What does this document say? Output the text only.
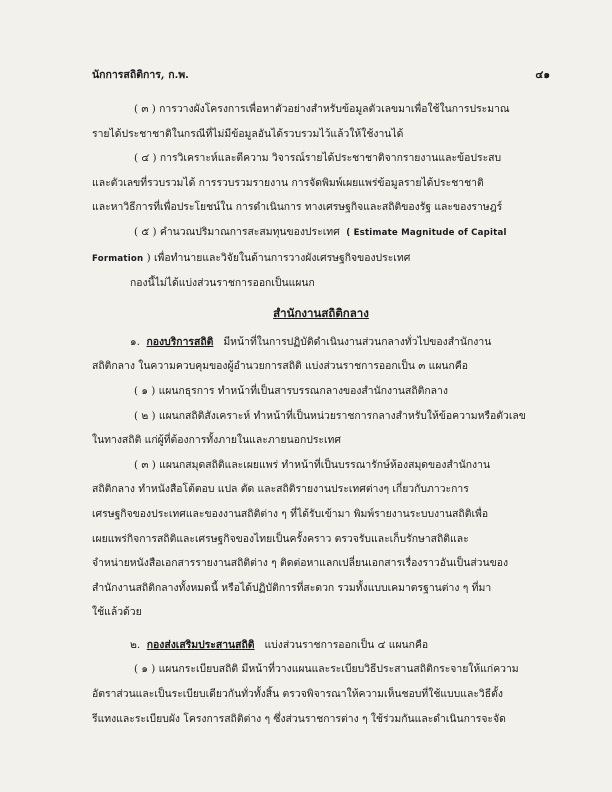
นักการสถิติการ, ก.พ.	๔๑

( ๓ ) การวางผังโครงการเพื่อหาตัวอย่างสำหรับข้อมูลตัวเลขมาเพื่อใช้ในการประมาณ

รายได้ประชาชาติในกรณีที่ไม่มีข้อมูลอันได้รวบรวมไว้แล้วให้ใช้งานได้

( ๔ ) การวิเคราะห์และตีความ วิจารณ์รายได้ประชาชาติจากรายงานและข้อประสบ

และตัวเลขที่รวบรวมได้ การรวบรวมรายงาน การจัดพิมพ์เผยแพร่ข้อมูลรายได้ประชาชาติ

และหาวิธีการที่เพื่อประโยชน์ใน การดำเนินการ ทางเศรษฐกิจและสถิติของรัฐ และของราษฎร์

( ๕ ) คำนวณปริมาณการสะสมทุนของประเทศ ( Estimate Magnitude of Capital

Formation ) เพื่อทำนายและวิจัยในด้านการวางผังเศรษฐกิจของประเทศ

กองนี้ไม่ได้แบ่งส่วนราชการออกเป็นแผนก

สำนักงานสถิติกลาง

๑. กองบริการสถิติ มีหน้าที่ในการปฏิบัติดำเนินงานส่วนกลางทั่วไปของสำนักงาน

สถิติกลาง ในความควบคุมของผู้อำนวยการสถิติ แบ่งส่วนราชการออกเป็น ๓ แผนกคือ

( ๑ ) แผนกธุรการ ทำหน้าที่เป็นสารบรรณกลางของสำนักงานสถิติกลาง

( ๒ ) แผนกสถิติสังเคราะห์ ทำหน้าที่เป็นหน่วยราชการกลางสำหรับให้ข้อความหรือตัวเลข

ในทางสถิติ แก่ผู้ที่ต้องการทั้งภายในและภายนอกประเทศ

( ๓ ) แผนกสมุดสถิติและเผยแพร่ ทำหน้าที่เป็นบรรณารักษ์ห้องสมุดของสำนักงาน

สถิติกลาง ทำหนังสือโต้ตอบ แปล ตัด และสถิติรายงานประเทศต่างๆ เกี่ยวกับภาวะการ

เศรษฐกิจของประเทศและของงานสถิติต่าง ๆ ที่ได้รับเข้ามา พิมพ์รายงานระบบงานสถิติเพื่อ

เผยแพร่กิจการสถิติและเศรษฐกิจของไทยเป็นครั้งคราว ตรวจรับและเก็บรักษาสถิติและ

จำหน่ายหนังสือเอกสารรายงานสถิติต่าง ๆ ติดต่อหาแลกเปลี่ยนเอกสารเรื่องราวอันเป็นส่วนของ

สำนักงานสถิติกลางทั้งหมดนี้ หรือได้ปฏิบัติการที่สะดวก รวมทั้งแบบเคมาตรฐานต่าง ๆ ที่มา

ใช้แล้วด้วย

๒. กองส่งเสริมประสานสถิติ แบ่งส่วนราชการออกเป็น ๔ แผนกคือ

( ๑ ) แผนกระเบียบสถิติ มีหน้าที่วางแผนและระเบียบวิธีประสานสถิติกระจายให้แก่ความ

อัตราส่วนและเป็นระเบียบเดียวกันทั่วทั้งสิ้น ตรวจพิจารณาให้ความเห็นชอบที่ใช้แบบและวิธีตั้ง

รีแทงและระเบียบผัง โครงการสถิติต่าง ๆ ซึ่งส่วนราชการต่าง ๆ ใช้ร่วมกันและดำเนินการจะจัด
